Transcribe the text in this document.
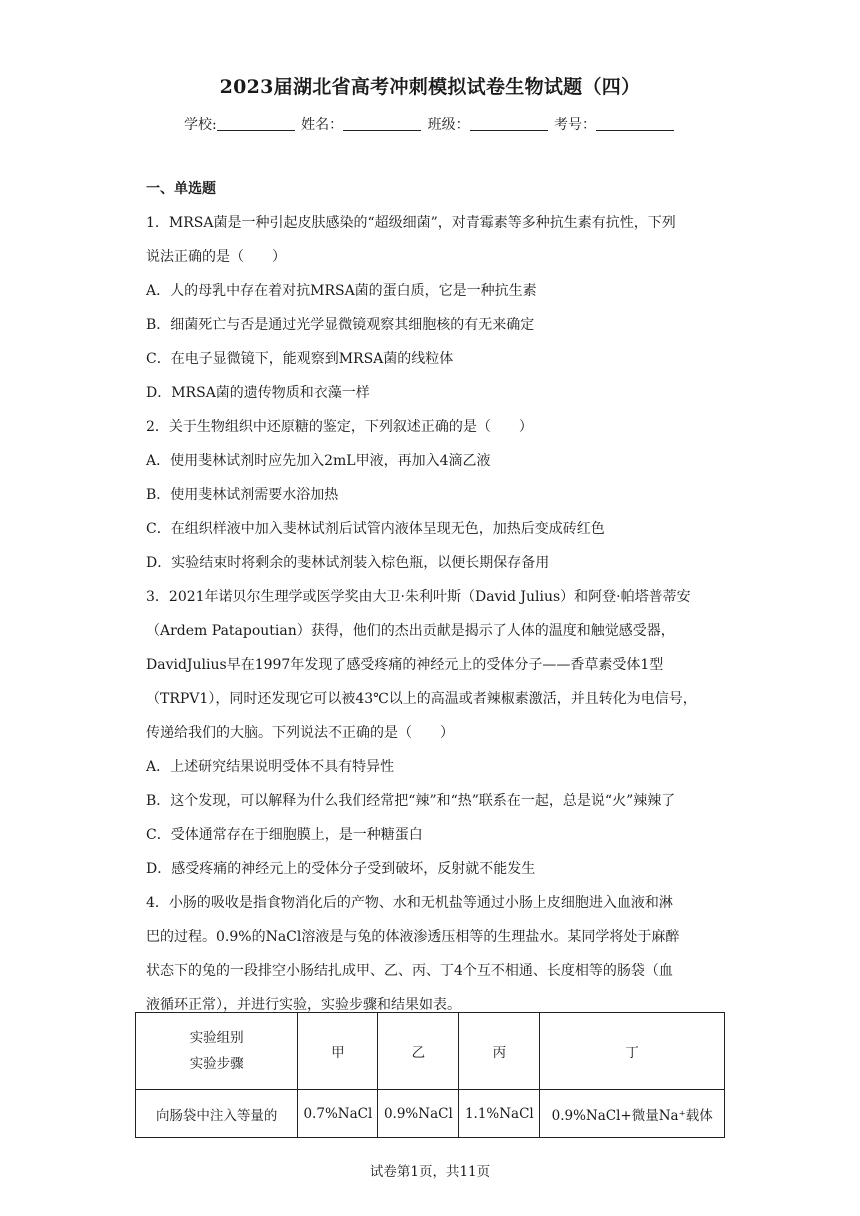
2023届湖北省高考冲刺模拟试卷生物试题（四）
学校:	姓名：	班级：	考号：
一、单选题
1．MRSA菌是一种引起皮肤感染的“超级细菌”，对青霉素等多种抗生素有抗性，下列
说法正确的是（　　）
A．人的母乳中存在着对抗MRSA菌的蛋白质，它是一种抗生素
B．细菌死亡与否是通过光学显微镜观察其细胞核的有无来确定
C．在电子显微镜下，能观察到MRSA菌的线粒体
D．MRSA菌的遗传物质和衣藻一样
2．关于生物组织中还原糖的鉴定，下列叙述正确的是（　　）
A．使用斐林试剂时应先加入2mL甲液，再加入4滴乙液
B．使用斐林试剂需要水浴加热
C．在组织样液中加入斐林试剂后试管内液体呈现无色，加热后变成砖红色
D．实验结束时将剩余的斐林试剂装入棕色瓶，以便长期保存备用
3．2021年诺贝尔生理学或医学奖由大卫·朱利叶斯（David Julius）和阿登·帕塔普蒂安
（Ardem Patapoutian）获得，他们的杰出贡献是揭示了人体的温度和触觉感受器，
DavidJulius早在1997年发现了感受疼痛的神经元上的受体分子——香草素受体1型
（TRPV1），同时还发现它可以被43℃以上的高温或者辣椒素激活，并且转化为电信号，
传递给我们的大脑。下列说法不正确的是（　　）
A．上述研究结果说明受体不具有特异性
B．这个发现，可以解释为什么我们经常把“辣”和“热”联系在一起，总是说“火”辣辣了
C．受体通常存在于细胞膜上，是一种糖蛋白
D．感受疼痛的神经元上的受体分子受到破坏，反射就不能发生
4．小肠的吸收是指食物消化后的产物、水和无机盐等通过小肠上皮细胞进入血液和淋
巴的过程。0.9%的NaCl溶液是与兔的体液渗透压相等的生理盐水。某同学将处于麻醉
状态下的兔的一段排空小肠结扎成甲、乙、丙、丁4个互不相通、长度相等的肠袋（血
液循环正常），并进行实验，实验步骤和结果如表。
实验组别
实验步骤	甲	乙	丙	丁
向肠袋中注入等量的	0.7%NaCl	0.9%NaCl	1.1%NaCl	0.9%NaCl+微量Na⁺载体
试卷第1页，共11页
